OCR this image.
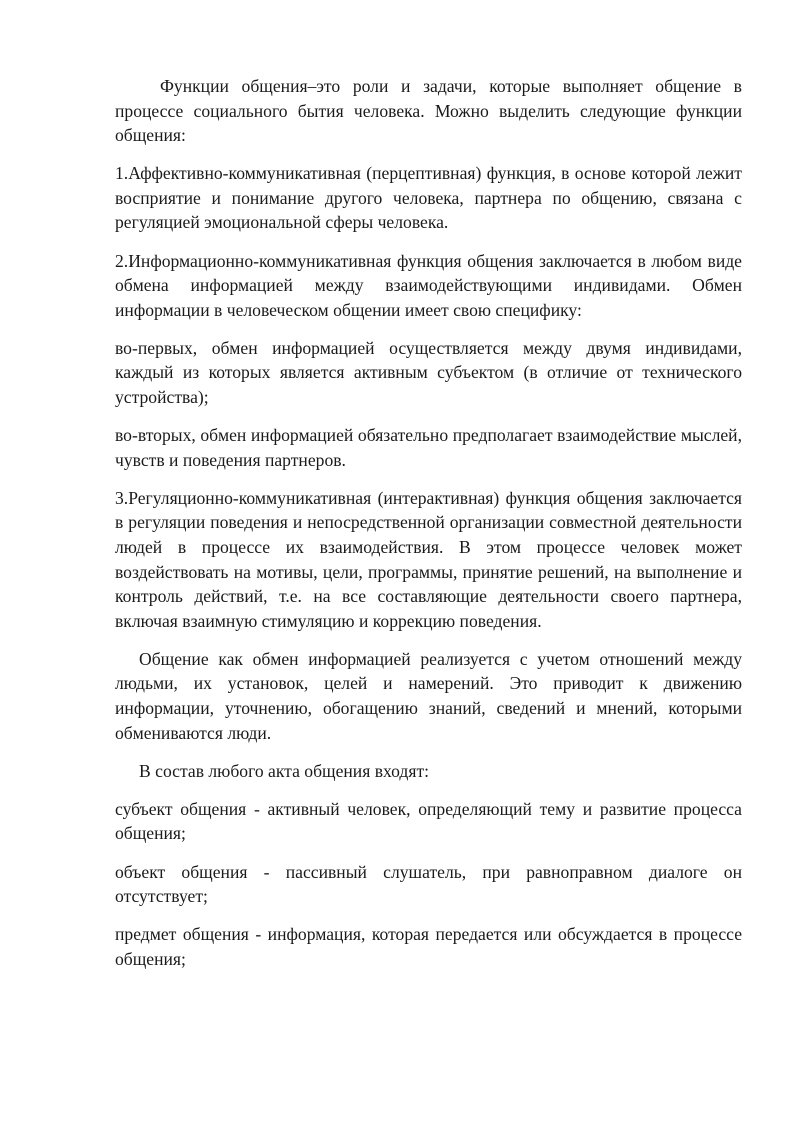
Функции общения–это роли и задачи, которые выполняет общение в процессе социального бытия человека. Можно выделить следующие функции общения:

1.Аффективно-коммуникативная (перцептивная) функция, в основе которой лежит восприятие и понимание другого человека, партнера по общению, связана с регуляцией эмоциональной сферы человека.

2.Информационно-коммуникативная функция общения заключается в любом виде обмена информацией между взаимодействующими индивидами. Обмен информации в человеческом общении имеет свою специфику:

во-первых, обмен информацией осуществляется между двумя индивидами, каждый из которых является активным субъектом (в отличие от технического устройства);

во-вторых, обмен информацией обязательно предполагает взаимодействие мыслей, чувств и поведения партнеров.

3.Регуляционно-коммуникативная (интерактивная) функция общения заключается в регуляции поведения и непосредственной организации совместной деятельности людей в процессе их взаимодействия. В этом процессе человек может воздействовать на мотивы, цели, программы, принятие решений, на выполнение и контроль действий, т.е. на все составляющие деятельности своего партнера, включая взаимную стимуляцию и коррекцию поведения.

Общение как обмен информацией реализуется с учетом отношений между людьми, их установок, целей и намерений. Это приводит к движению информации, уточнению, обогащению знаний, сведений и мнений, которыми обмениваются люди.

В состав любого акта общения входят:

субъект общения - активный человек, определяющий тему и развитие процесса общения;

объект общения - пассивный слушатель, при равноправном диалоге он отсутствует;

предмет общения - информация, которая передается или обсуждается в процессе общения;
